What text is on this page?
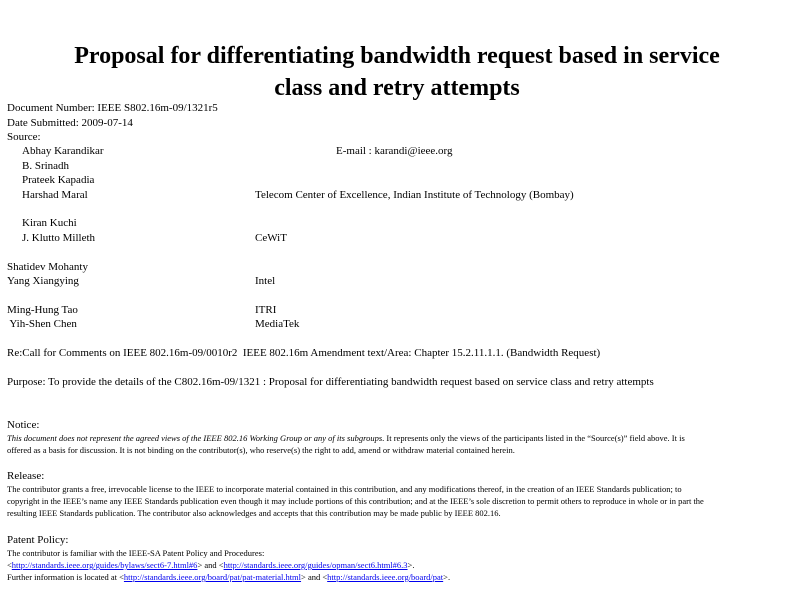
Proposal for differentiating bandwidth request based in service
class and retry attempts
Document Number: IEEE S802.16m-09/1321r5
Date Submitted: 2009-07-14
Source:
Abhay Karandikar	E-mail : karandi@ieee.org
B. Srinadh
Prateek Kapadia
Harshad Maral	Telecom Center of Excellence, Indian Institute of Technology (Bombay)
Kiran Kuchi
J. Klutto Milleth	CeWiT
Shatidev Mohanty
Yang Xiangying	Intel
Ming-Hung Tao	ITRI
Yih-Shen Chen	MediaTek
Re:Call for Comments on IEEE 802.16m-09/0010r2  IEEE 802.16m Amendment text/Area: Chapter 15.2.11.1.1. (Bandwidth Request)
Purpose: To provide the details of the C802.16m-09/1321 : Proposal for differentiating bandwidth request based on service class and retry attempts
Notice:
This document does not represent the agreed views of the IEEE 802.16 Working Group or any of its subgroups. It represents only the views of the participants listed in the “Source(s)” field above. It is offered as a basis for discussion. It is not binding on the contributor(s), who reserve(s) the right to add, amend or withdraw material contained herein.
Release:
The contributor grants a free, irrevocable license to the IEEE to incorporate material contained in this contribution, and any modifications thereof, in the creation of an IEEE Standards publication; to copyright in the IEEE’s name any IEEE Standards publication even though it may include portions of this contribution; and at the IEEE’s sole discretion to permit others to reproduce in whole or in part the resulting IEEE Standards publication. The contributor also acknowledges and accepts that this contribution may be made public by IEEE 802.16.
Patent Policy:
The contributor is familiar with the IEEE-SA Patent Policy and Procedures:
<http://standards.ieee.org/guides/bylaws/sect6-7.html#6> and <http://standards.ieee.org/guides/opman/sect6.html#6.3>.
Further information is located at <http://standards.ieee.org/board/pat/pat-material.html> and <http://standards.ieee.org/board/pat>.
